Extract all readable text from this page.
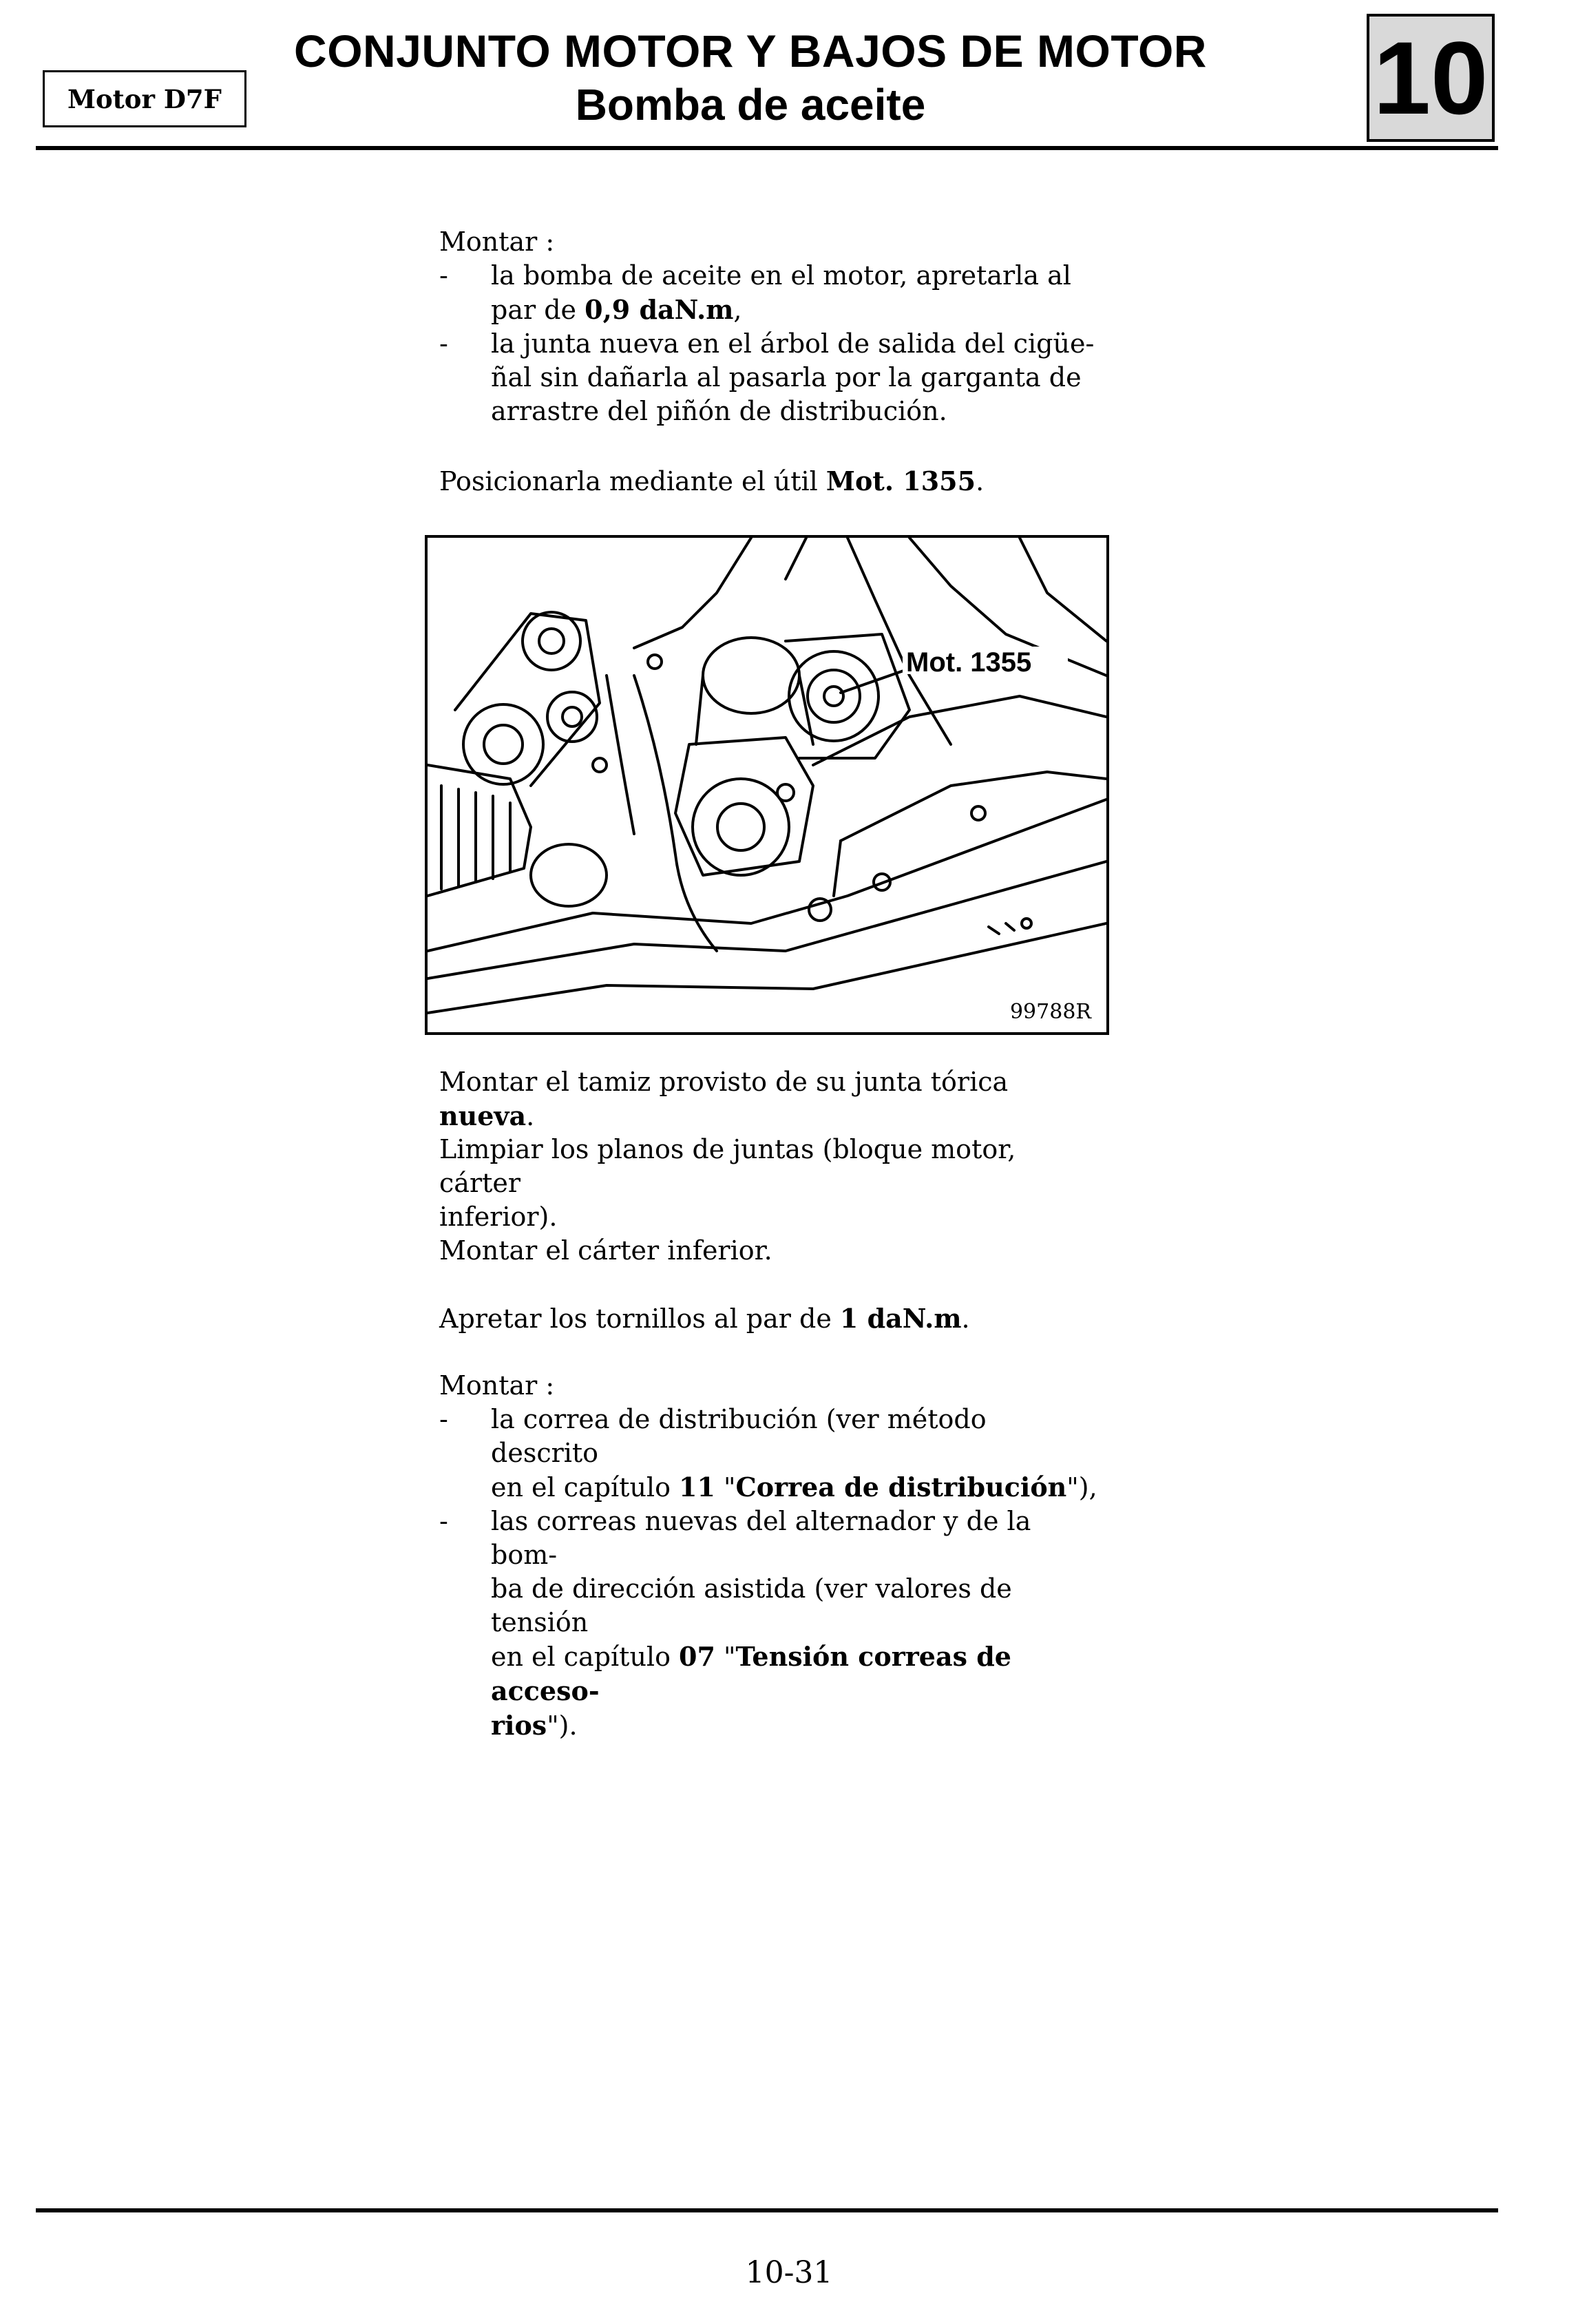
Motor D7F
CONJUNTO MOTOR Y BAJOS DE MOTOR
Bomba de aceite	10
Montar :
- la bomba de aceite en el motor, apretarla al
par de 0,9 daN.m,
- la junta nueva en el árbol de salida del cigüe-
ñal sin dañarla al pasarla por la garganta de
arrastre del piñón de distribución.
Posicionarla mediante el útil Mot. 1355.
Mot. 1355
99788R
Montar el tamiz provisto de su junta tórica nueva.
Limpiar los planos de juntas (bloque motor, cárter
inferior).
Montar el cárter inferior.
Apretar los tornillos al par de 1 daN.m.
Montar :
- la correa de distribución (ver método descrito
en el capítulo 11 "Correa de distribución"),
- las correas nuevas del alternador y de la bom-
ba de dirección asistida (ver valores de tensión
en el capítulo 07 "Tensión correas de acceso-
rios").
10-31
